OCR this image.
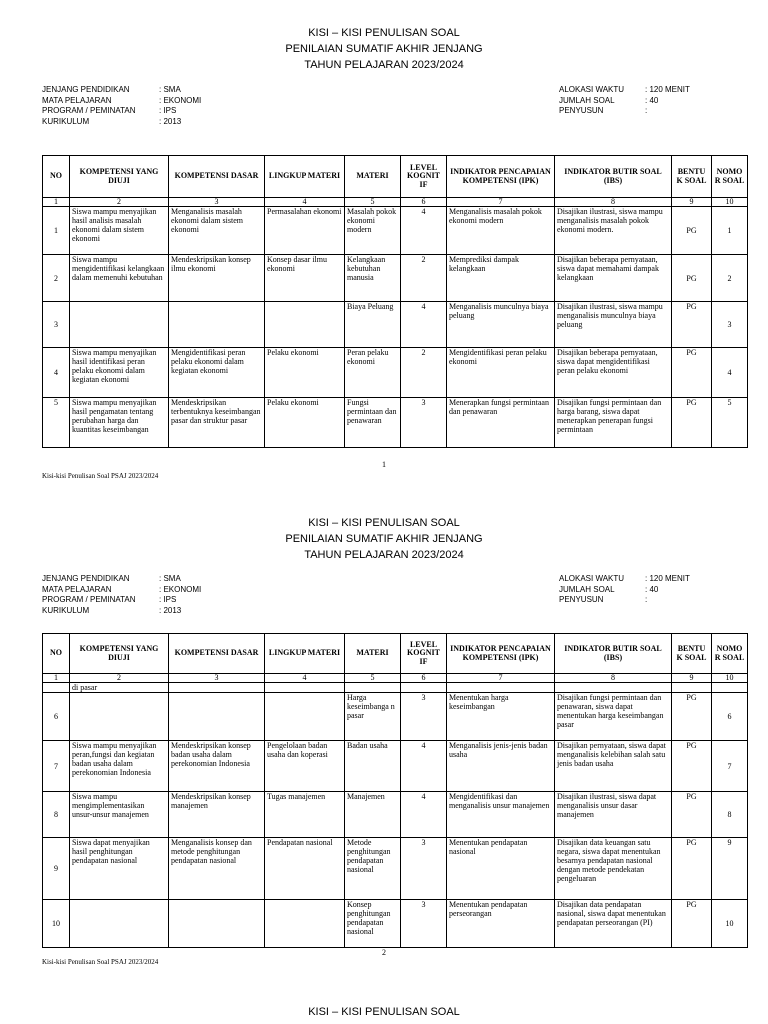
KISI – KISI PENULISAN SOAL
PENILAIAN SUMATIF AKHIR JENJANG
TAHUN PELAJARAN 2023/2024
JENJANG PENDIDIKAN	: SMA
MATA PELAJARAN	: EKONOMI
PROGRAM / PEMINATAN	: IPS
KURIKULUM	: 2013
ALOKASI WAKTU	: 120 MENIT
JUMLAH SOAL	: 40
PENYUSUN	:
NO	KOMPETENSI YANG DIUJI	KOMPETENSI DASAR	LINGKUP MATERI	MATERI	LEVEL KOGNIT IF	INDIKATOR PENCAPAIAN KOMPETENSI (IPK)	INDIKATOR BUTIR SOAL (IBS)	BENTU K SOAL	NOMO R SOAL
1	2	3	4	5	6	7	8	9	10
1	Siswa mampu menyajikan hasil analisis masalah ekonomi dalam sistem ekonomi	Menganalisis masalah ekonomi dalam sistem ekonomi	Permasalahan ekonomi	Masalah pokok ekonomi modern	4	Menganalisis masalah pokok ekonomi modern	Disajikan ilustrasi, siswa mampu menganalisis masalah pokok ekonomi modern.	PG	1
2	Siswa mampu mengidentifikasi kelangkaan dalam memenuhi kebutuhan	Mendeskripsikan konsep ilmu ekonomi	Konsep dasar ilmu ekonomi	Kelangkaan kebutuhan manusia	2	Memprediksi dampak kelangkaan	Disajikan beberapa pernyataan, siswa dapat memahami dampak kelangkaan	PG	2
3				Biaya Peluang	4	Menganalisis munculnya biaya peluang	Disajikan ilustrasi, siswa mampu menganalisis munculnya biaya peluang	PG	3
4	Siswa mampu menyajikan hasil identifikasi peran pelaku ekonomi dalam kegiatan ekonomi	Mengidentifikasi peran pelaku ekonomi dalam kegiatan ekonomi	Pelaku ekonomi	Peran pelaku ekonomi	2	Mengidentifikasi peran pelaku ekonomi	Disajikan beberapa pernyataan, siswa dapat mengidentifikasi peran pelaku ekonomi	PG	4
5	Siswa mampu menyajikan hasil pengamatan tentang perubahan harga dan kuantitas keseimbangan	Mendeskripsikan terbentuknya keseimbangan pasar dan struktur pasar	Pelaku ekonomi	Fungsi permintaan dan penawaran	3	Menerapkan fungsi permintaan dan penawaran	Disajikan fungsi permintaan dan harga barang, siswa dapat menerapkan penerapan fungsi permintaan	PG	5
1
Kisi-kisi Penulisan Soal PSAJ 2023/2024
KISI – KISI PENULISAN SOAL
PENILAIAN SUMATIF AKHIR JENJANG
TAHUN PELAJARAN 2023/2024
JENJANG PENDIDIKAN	: SMA
MATA PELAJARAN	: EKONOMI
PROGRAM / PEMINATAN	: IPS
KURIKULUM	: 2013
ALOKASI WAKTU	: 120 MENIT
JUMLAH SOAL	: 40
PENYUSUN	:
NO	KOMPETENSI YANG DIUJI	KOMPETENSI DASAR	LINGKUP MATERI	MATERI	LEVEL KOGNIT IF	INDIKATOR PENCAPAIAN KOMPETENSI (IPK)	INDIKATOR BUTIR SOAL (IBS)	BENTU K SOAL	NOMO R SOAL
1	2	3	4	5	6	7	8	9	10
	di pasar								
6				Harga keseimbanga n pasar	3	Menentukan harga keseimbangan	Disajikan fungsi permintaan dan penawaran, siswa dapat menentukan harga keseimbangan pasar	PG	6
7	Siswa mampu menyajikan peran,fungsi dan kegiatan badan usaha dalam perekonomian Indonesia	Mendeskripsikan konsep badan usaha dalam perekonomian Indonesia	Pengelolaan badan usaha dan koperasi	Badan usaha	4	Menganalisis jenis-jenis badan usaha	Disajikan pernyataan, siswa dapat menganalisis kelebihan salah satu jenis badan usaha	PG	7
8	Siswa mampu mengimplementasikan unsur-unsur manajemen	Mendeskripsikan konsep manajemen	Tugas manajemen	Manajemen	4	Mengidentifikasi dan menganalisis unsur manajemen	Disajikan ilustrasi, siswa dapat menganalisis unsur dasar manajemen	PG	8
9	Siswa dapat menyajikan hasil penghitungan pendapatan nasional	Menganalisis konsep dan metode penghitungan pendapatan nasional	Pendapatan nasional	Metode penghitungan pendapatan nasional	3	Menentukan pendapatan nasional	Disajikan data keuangan satu negara, siswa dapat menentukan besarnya pendapatan nasional dengan metode pendekatan pengeluaran	PG	9
10				Konsep penghitungan pendapatan nasional	3	Menentukan pendapatan perseorangan	Disajikan data pendapatan nasional, siswa dapat menentukan pendapatan perseorangan (PI)	PG	10
2
Kisi-kisi Penulisan Soal PSAJ 2023/2024
KISI – KISI PENULISAN SOAL
